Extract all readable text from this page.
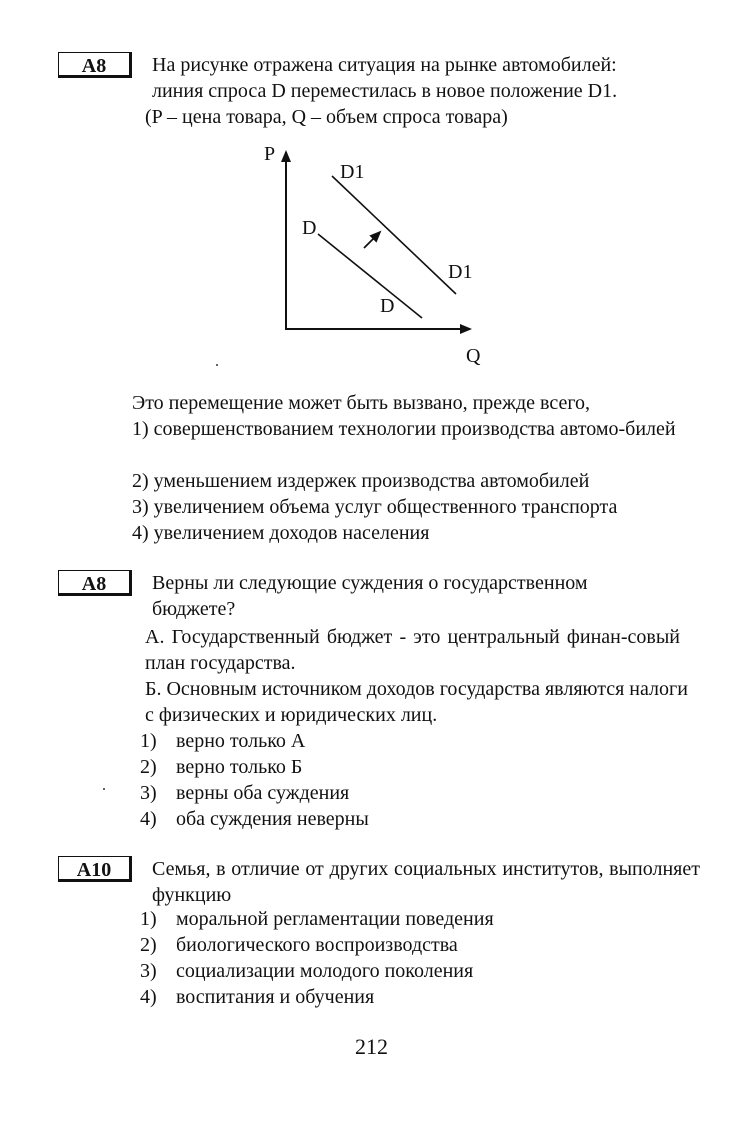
A8	На рисунке отражена ситуация на рынке автомобилей:
линия спроса D переместилась в новое положение D1.
(P – цена товара, Q – объем спроса товара)
P
Q
D
D
D1
D1
Это перемещение может быть вызвано, прежде всего,
1) совершенствованием технологии производства автомо-билей
2) уменьшением издержек производства автомобилей
3) увеличением объема услуг общественного транспорта
4) увеличением доходов населения
A8	Верны ли следующие суждения о государственном бюджете?
А. Государственный бюджет - это центральный финан-совый план государства.
Б. Основным источником доходов государства являются налоги с физических и юридических лиц.
1) верно только А
2) верно только Б
3) верны оба суждения
4) оба суждения неверны
A10	Семья, в отличие от других социальных институтов, выполняет функцию
1) моральной регламентации поведения
2) биологического воспроизводства
3) социализации молодого поколения
4) воспитания и обучения
212
